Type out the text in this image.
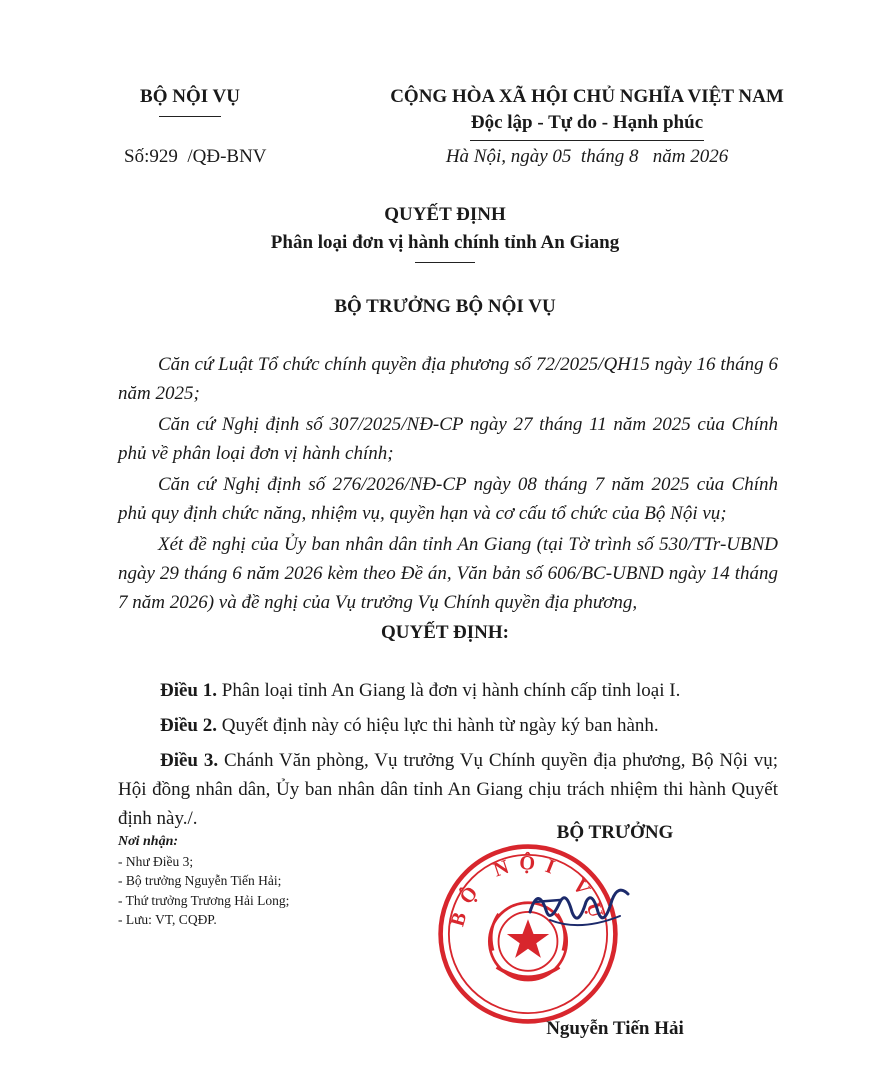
BỘ NỘI VỤ
Số:929 /QĐ-BNV
CỘNG HÒA XÃ HỘI CHỦ NGHĨA VIỆT NAM
Độc lập - Tự do - Hạnh phúc
Hà Nội, ngày 05 tháng 8 năm 2026
QUYẾT ĐỊNH
Phân loại đơn vị hành chính tỉnh An Giang
BỘ TRƯỞNG BỘ NỘI VỤ

Căn cứ Luật Tổ chức chính quyền địa phương số 72/2025/QH15 ngày 16 tháng 6 năm 2025;

Căn cứ Nghị định số 307/2025/NĐ-CP ngày 27 tháng 11 năm 2025 của Chính phủ về phân loại đơn vị hành chính;

Căn cứ Nghị định số 276/2026/NĐ-CP ngày 08 tháng 7 năm 2025 của Chính phủ quy định chức năng, nhiệm vụ, quyền hạn và cơ cấu tổ chức của Bộ Nội vụ;

Xét đề nghị của Ủy ban nhân dân tỉnh An Giang (tại Tờ trình số 530/TTr-UBND ngày 29 tháng 6 năm 2026 kèm theo Đề án, Văn bản số 606/BC-UBND ngày 14 tháng 7 năm 2026) và đề nghị của Vụ trưởng Vụ Chính quyền địa phương,

QUYẾT ĐỊNH:

Điều 1. Phân loại tỉnh An Giang là đơn vị hành chính cấp tỉnh loại I.

Điều 2. Quyết định này có hiệu lực thi hành từ ngày ký ban hành.

Điều 3. Chánh Văn phòng, Vụ trưởng Vụ Chính quyền địa phương, Bộ Nội vụ; Hội đồng nhân dân, Ủy ban nhân dân tỉnh An Giang chịu trách nhiệm thi hành Quyết định này./.

Nơi nhận:
- Như Điều 3;
- Bộ trưởng Nguyễn Tiến Hải;
- Thứ trưởng Trương Hải Long;
- Lưu: VT, CQĐP.
BỘ TRƯỞNG
BỘ NỘI VỤ
Nguyễn Tiến Hải
